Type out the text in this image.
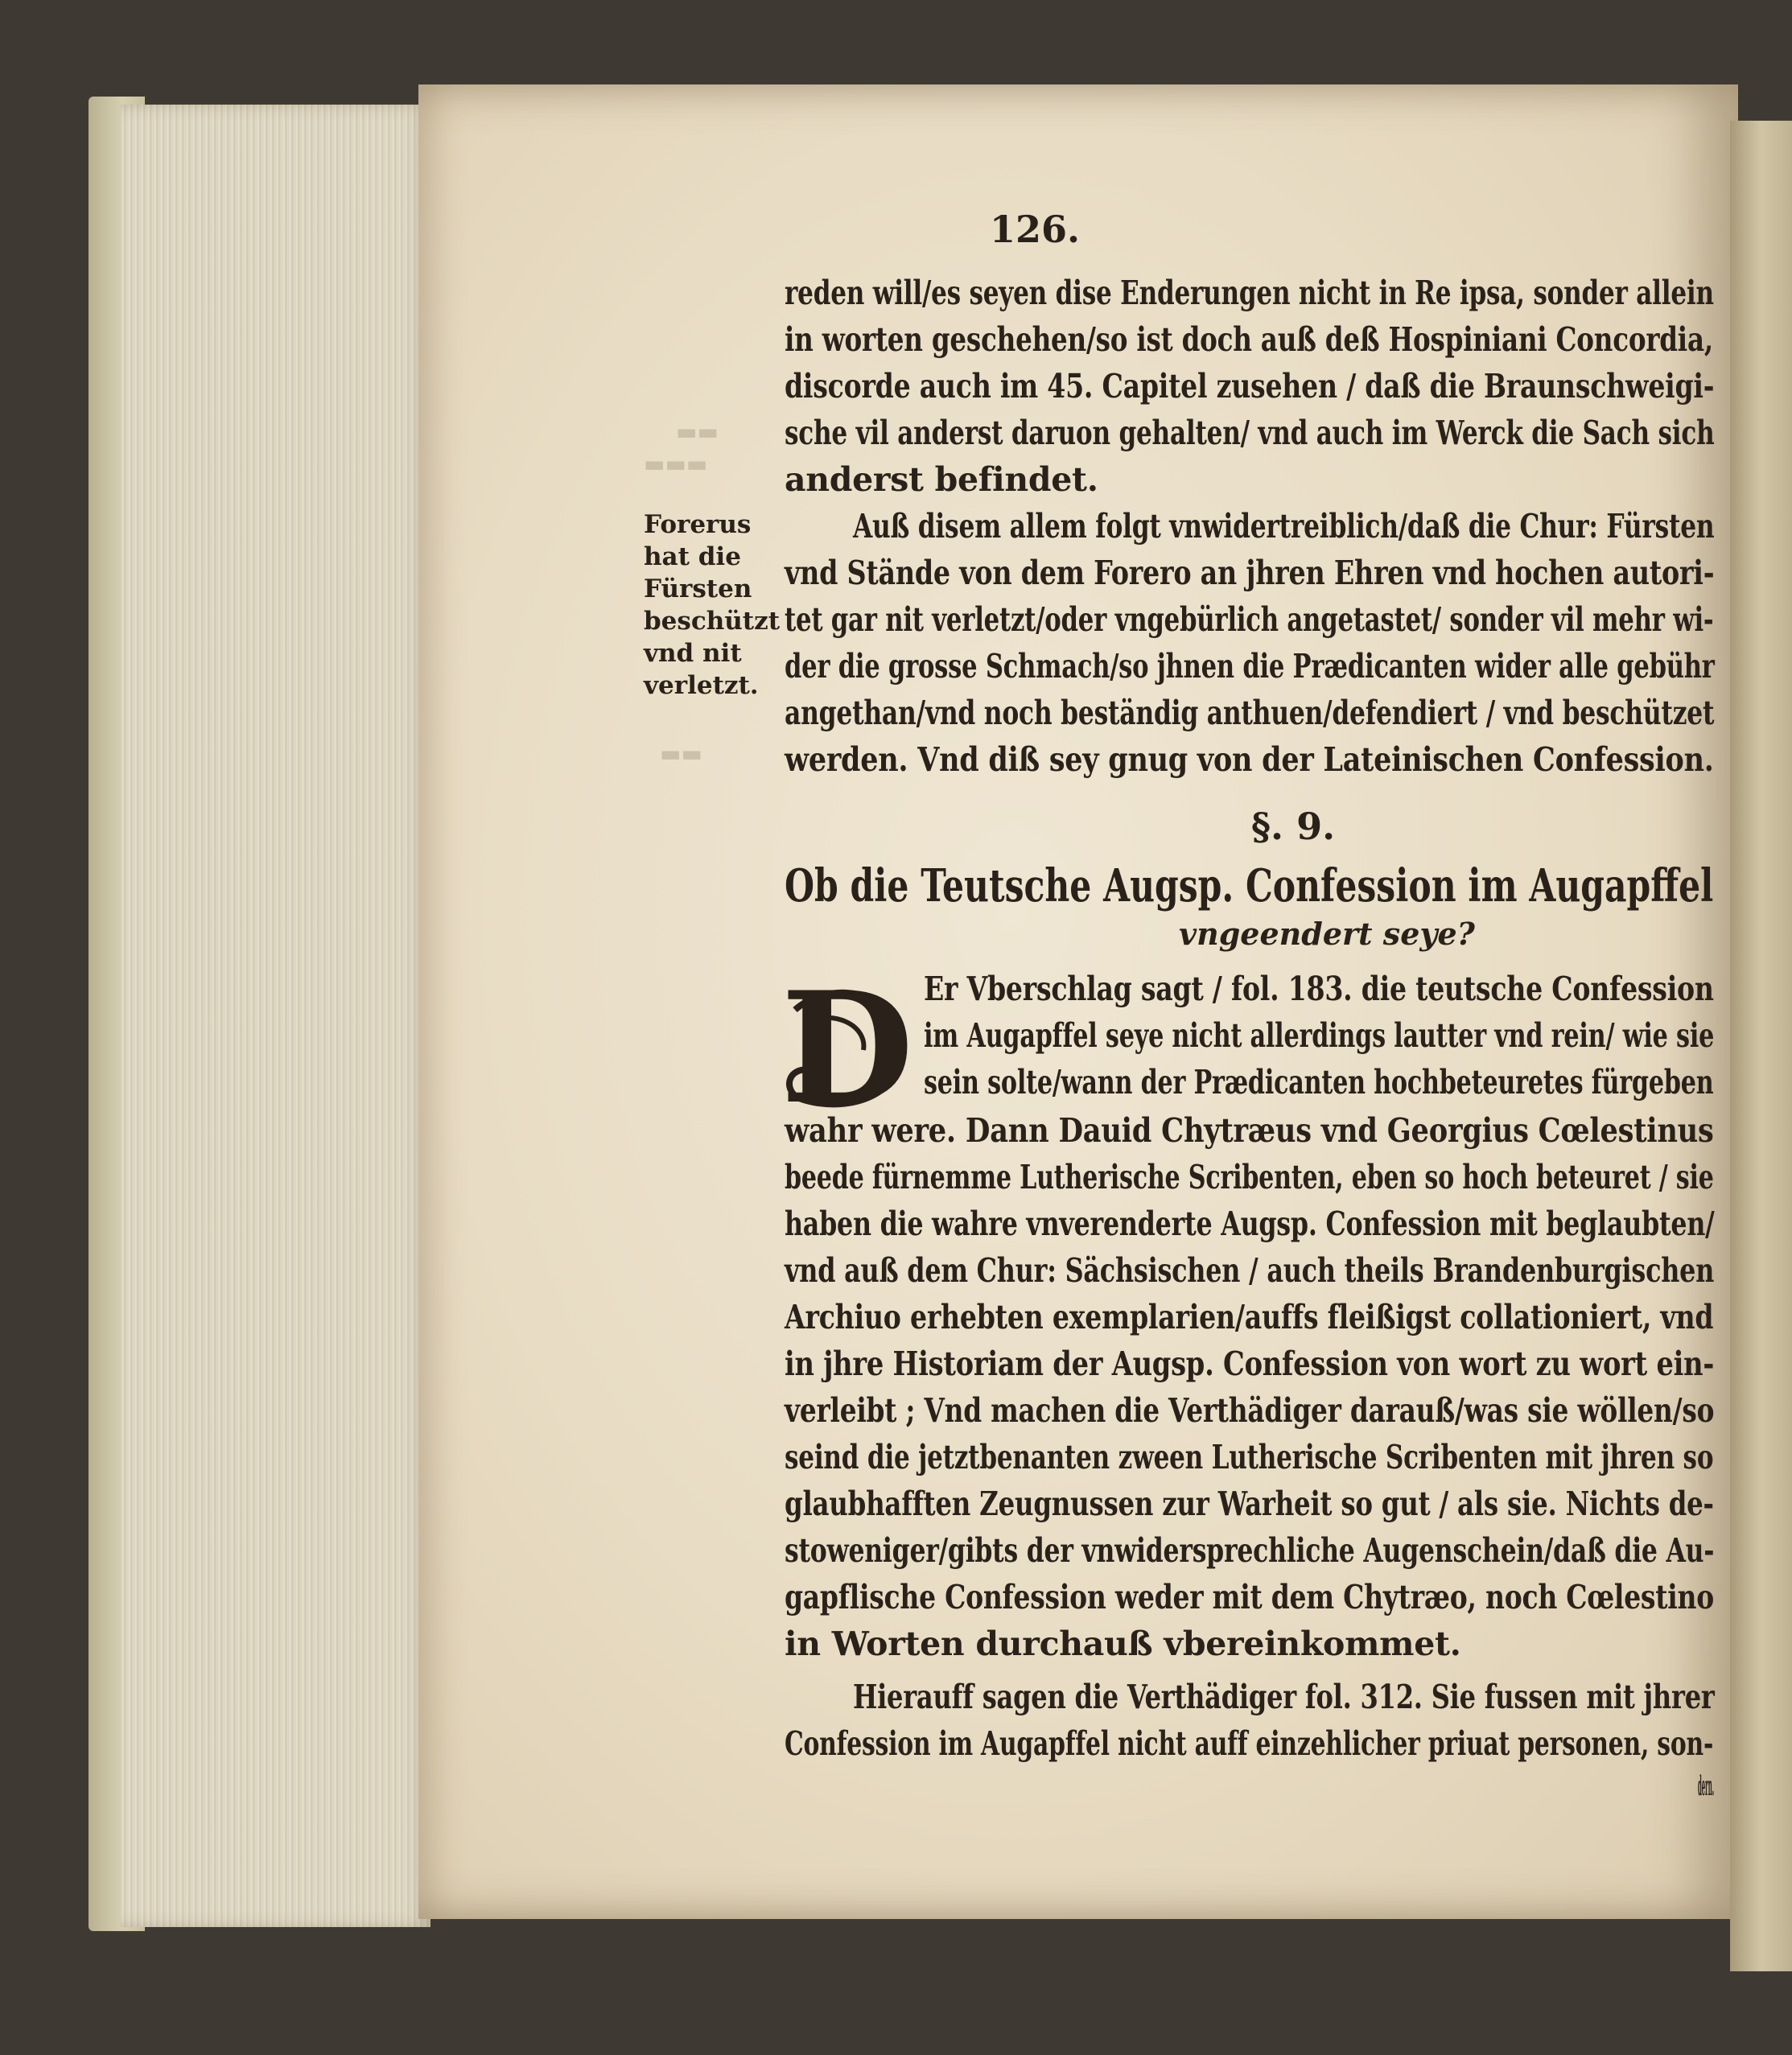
▬▬
▬▬▬
▬▬
126.
reden will/es seyen dise Enderungen nicht in Re ipsa, sonder allein
in worten geschehen/so ist doch auß deß Hospiniani Concordia,
discorde auch im 45. Capitel zusehen / daß die Braunschweigi-
sche vil anderst daruon gehalten/ vnd auch im Werck die Sach sich
anderst befindet.
Forerus
hat die
Fürsten
beschützt
vnd nit
verletzt.
Auß disem allem folgt vnwidertreiblich/daß die Chur: Fürsten
vnd Stände von dem Forero an jhren Ehren vnd hochen autori-
tet gar nit verletzt/oder vngebürlich angetastet/ sonder vil mehr wi-
der die grosse Schmach/so jhnen die Prædicanten wider alle gebühr
angethan/vnd noch beständig anthuen/defendiert / vnd beschützet
werden. Vnd diß sey gnug von der Lateinischen Confession.
§. 9.
Ob die Teutsche Augsp. Confession im Augapffel
vngeendert seye?
D Er Vberschlag sagt / fol. 183. die teutsche Confession
im Augapffel seye nicht allerdings lautter vnd rein/ wie sie
sein solte/wann der Prædicanten hochbeteuretes fürgeben
wahr were. Dann Dauid Chytræus vnd Georgius Cœlestinus
beede fürnemme Lutherische Scribenten, eben so hoch beteuret / sie
haben die wahre vnverenderte Augsp. Confession mit beglaubten/
vnd auß dem Chur: Sächsischen / auch theils Brandenburgischen
Archiuo erhebten exemplarien/auffs fleißigst collationiert, vnd
in jhre Historiam der Augsp. Confession von wort zu wort ein-
verleibt ; Vnd machen die Verthädiger darauß/was sie wöllen/so
seind die jetztbenanten zween Lutherische Scribenten mit jhren so
glaubhafften Zeugnussen zur Warheit so gut / als sie. Nichts de-
stoweniger/gibts der vnwidersprechliche Augenschein/daß die Au-
gapflische Confession weder mit dem Chytræo, noch Cœlestino
in Worten durchauß vbereinkommet.
Hierauff sagen die Verthädiger fol. 312. Sie fussen mit jhrer
Confession im Augapffel nicht auff einzehlicher priuat personen, son-
dern.
